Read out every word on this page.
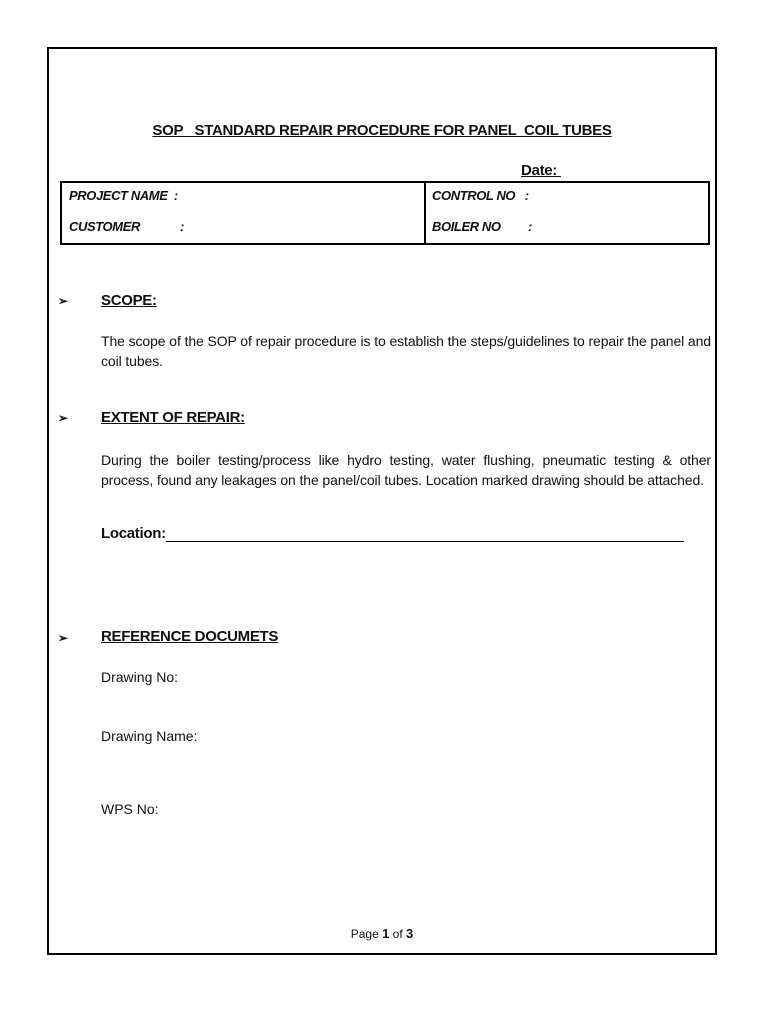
SOP   STANDARD REPAIR PROCEDURE FOR PANEL  COIL TUBES
Date:
PROJECT NAME  :
CUSTOMER	:
CONTROL NO   :
BOILER NO :
➢ SCOPE:
The scope of the SOP of repair procedure is to establish the steps/guidelines to repair the panel and coil tubes.
➢ EXTENT OF REPAIR:
During the boiler testing/process like hydro testing, water flushing, pneumatic testing & other process, found any leakages on the panel/coil tubes. Location marked drawing should be attached.
Location:
➢ REFERENCE DOCUMETS
Drawing No:
Drawing Name:
WPS No:
Page 1 of 3
